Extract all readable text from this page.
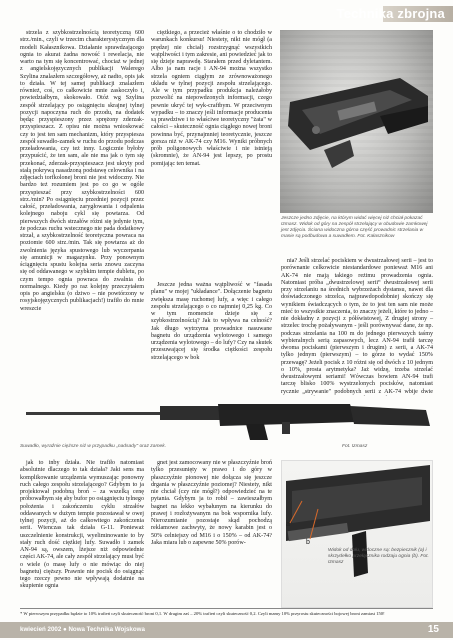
Technika zbrojna

strzela z szybkostrzelnością teoretyczną 600 strz./min., czyli w trzecim charakterystycznym dla modeli Kałasznikowa. Działanie sprawdzającego ognia to akurat żadna nowość i rewelacja, nie warto na tym się koncentrować, chociaż w jednej z angielskojęzycznych publikacji Walerego Szylina znalazłem szczegółowy, aż nadto, opis jak to działa. W tej samej publikacji znalazłem również, coś, co całkowicie mnie zaskoczyło i, powiedziałbym, skokowało. Otóż wg Szylina zespół strzelający po osiągnięciu skrajnej tylnej pozycji napoczyna ruch do przodu, na dodatek będąc przyspieszony przez sprężony zderzak-przyspieszacz. Z opisu nie można wnioskować czy to jest ten sam mechanizm, który przyspiesza zespół suwadło-zamek w ruchu do przodu podczas przeładowania, czy też inny. Logicznie byłoby przypuścić, że ten sam, ale nie ma jak o tym się przekonać, zderzak-przyspieszacz jest ukryty pod stałą pokrywą nasadzoną podstawę celownika i na zdjęciach torfkolonej broni nie jest widoczny. Nie bardzo też rozumiem jest po co go w ogóle przyspieszać przy szybkostrzelności 600 strz./min? Po osiągnięciu przedniej pozycji przez całość, przeładowania, zarygłowania i odpalenia kolejnego naboju cykl się powtarza. Od pierwszych dwóch strzałów różni się jedynie tym, że podczas ruchu wstecznego nie pada dodatkowy strzał, a szybkostrzelność teoretyczna powraca na poziomie 600 strz./min. Tak się powtarza aż do zwolnienia języka spustowego lub wyczerpania się amunicji w magazynku. Przy ponownym ściągnięciu spustu kolejna seria znowu zaczyna się od oddawanego w szybkim tempie dubletu, po czym tempo ognia powraca do zwalnia do normalnego. Kiedy po raz kolejny przeczytałem opis po angielsku (o dziwo – nie powtórzony w rosyjskojęzycznych publikacjach!) trafiło do mnie wreszcie

ciężkiego, a przecież właśnie o to chodziło w warunkach konkursu! Niestety, nikt nie mógł (a prędzej nie chciał) rozstrzygnąć wszystkich wątpliwości i tym zakresie, ani powiedzieć jak to się dzieje naprawdę. Starałem przed dyletantem. Albo ja nam racje i AN-94 można wszystko strzela ogniem ciągłym ze zrównoważonego układu w tylnej pozycji zespołu strzelającego. Ale w tym przypadku produkcja należałoby pozwolić na niepowdzonych informacji, czego pewnie ukryć tej wyk-craftbym. W przeciwnym wypadku – to znaczy jeśli informacje producenta są prawdziwe i to właściwe teoretyczny "żata" w całości – skuteczność ognia ciągłego nowej broni powinna być, przynajmniej teoretycznie, jeszcze gorsza niż w AK-74 czy M16. Wyniki próbnych prób poligonowych właściwie i nie istnieją (skromnie), że AN-94 jest lepszy, po prostu pomijając ten temat.

Jeszcze jedna ważna wątpliwość w "fasada planu" w mojej "układance". Dołączenie bagnetu zwiększa masę ruchomej lufy, a więc i całego zespołu strzelającego o co najmniej 0,25 kg. Co w tym momencie dzieje się z szybkostrzelnością? Jak to wpływa na celność? Jak długo wytrzyma prowadnice nasuwane bagnetu do urządzenia wylotowego i samego urządzenia wylotowego – do lufy? Czy na skutek przesuwającej się środka ciężkości zespołu strzelającego w bok

Jeszcze jedno zdjęcie, na którym widać więcej niż chciał pokazać Izmasz. Widok od góry na zespół strzelający w obudowie zamkowej jest zdjęcia. Ściana widoczna górna część prowadnic strzelania w masie są podbudowa a suwadłem. Fot. Kałasznikow

nia? Jeśli strzelać pociskiem w dwustrzałowej serii – jest to porównanie celkowicie niestandardowe ponieważ M16 ani AK-74 nie mają takiego reżimu prowadzenia ognia. Natomiast próba „dwustrzelowej serii“ dwustrzałowej serii przy strzelaniu na średnich wybrzeżach dystansu, nawet dla doświadczonego strzelca, najprawdopodobniej skończy się wynikiem świadczących o tym, że to jest ten sam nie może mieć to wszystkie znaczenia, to znaczy jeżeli, które to jedno – nie dokładny z pozycji z półświstowej, Z drugiej strony – strzelec trochę pożaływanym - jeśli porównywać dane, że np. podczas strzelania na 100 m do jednego pierwszych taśmy wybieralnych serią zapasowych, lecz AN-94 trafił tarczę dwoma pociskami (pierwszym i drugim) z serii, a AK-74 tylko jednym (pierwszym) – to górze to wydać 150% przewagę? Jeżeli pocisk z 10 różni się od dwóch z 10 jednym o 10%, prosta arytmetyka? Jaż widzę, trzeba strzelać dwustrzałowymi seriami! Wówczas bowiem AN-94 trafi tarczę blisko 100% wystrzelonych pocisków, natomiast rycznie „strywanie" podobnych serii z AK-74 wbije dwie

Suwadło, wyraźnie cięższe niż w przypadku „nadsady" oraz zamek.	Fot. Izmasz

jak to inby działa. Nie trafiło natomiast absolutnie dlaczego to tak działa? Jaki sens ma komplikowanie urządzenia wymuszając ponowny ruch całego zespołu strzelającego? Gdybym to ja projektował podobną broń – za wszelką cenę próbowałbym się aby bufor po osiągnięciu tylnego położenia i zakończeniu cyklu strzałów oddawanych w dużym tempie pozostawał w owej tylnej pozycji, aż do całkowitego zakończenia serii. Wtenczas tak działa G-11. Ponieważ uszczelnienie konstrukcji, wyeliminowanie to by stały ruch dość ciężkiej lufy. Suwadło i zamek AN-94 są, owszem, lżejsze niż odpowiednie części AK-74, ale cały zespół strzelający musi być o wiele (o masę lufy o nie mówiąc do niej bagnetu) cięższy. Prawnie nie pocisk do osiągnąć tego rzeczy pewno nie wpływają dodatnie na skupienie ognia

gnet jest zamocowany nie w płaszczyźnie broń tylko przesunięty w prawo i do góry w płaszczyźnie pionowej nie dołącza się jeszcze drgania w płaszczyźnie poziomej? Niestety, nikt nie chciał (czy nie mógł?) odpowiedzieć na te pytania. Gdybym ja to robił – zawieszałbym bagnet na lekko wybałunym na kierunku do prawej i rozłożywanym na bok wspornika lufy. Nierozumianie pozostaje skąd pochodzą reklamowe zachwyty, że nowy karabin jest o 50% celniejszy od M16 i o 150% – od AK-74? Jaka miara lub o zapewne 50% porów-

a
b
Widok od dołu, widoczne są: bezpiecznik (a) i skrzydełko przełącznika rodzaju ognia (b). Fot. Izmasz
* W pierwszym przypadku będzie to 10% trafień czyli skuteczność broni 0,1. W drugim zaś – 20% trafień czyli skuteczność 0,2. Czyli mamy 10% przyrostu skuteczności bojowej broni zamiast 150!
kwiecień 2002 ● Nowa Technika Wojskowa	15
